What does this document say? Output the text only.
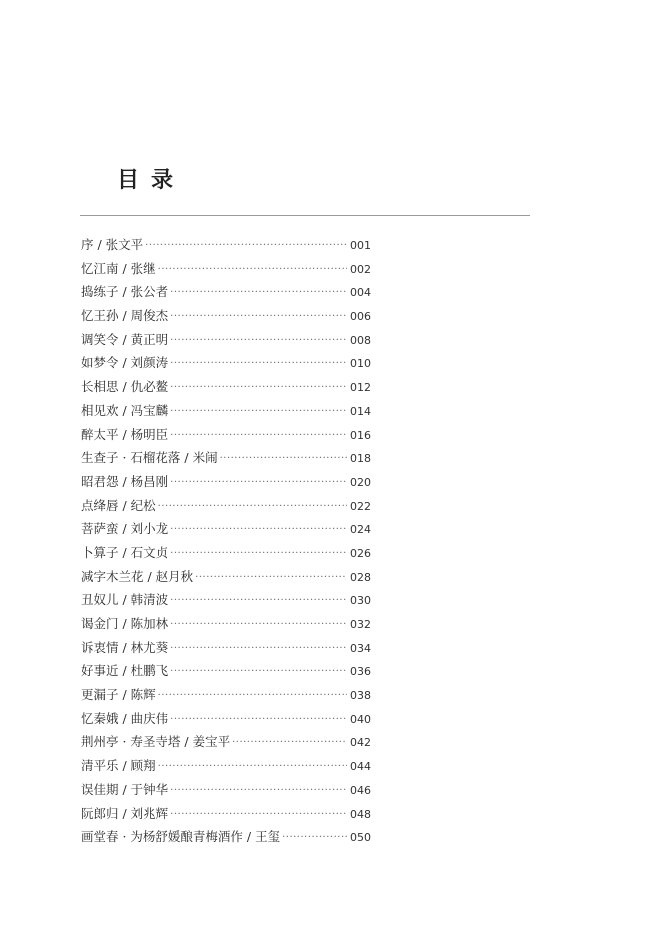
目录
序 / 张文平 ·····	001
忆江南 / 张继 ·····	002
捣练子 / 张公者 ·····	004
忆王孙 / 周俊杰 ·····	006
调笑令 / 黄正明 ·····	008
如梦令 / 刘颜涛 ·····	010
长相思 / 仇必鳌 ·····	012
相见欢 / 冯宝麟 ·····	014
醉太平 / 杨明臣 ·····	016
生查子 · 石榴花落 / 米闹 ·····	018
昭君怨 / 杨昌刚 ·····	020
点绛唇 / 纪松 ·····	022
菩萨蛮 / 刘小龙 ·····	024
卜算子 / 石文贞 ·····	026
减字木兰花 / 赵月秋 ·····	028
丑奴儿 / 韩清波 ·····	030
谒金门 / 陈加林 ·····	032
诉衷情 / 林尤葵 ·····	034
好事近 / 杜鹏飞 ·····	036
更漏子 / 陈辉 ·····	038
忆秦娥 / 曲庆伟 ·····	040
荆州亭 · 寿圣寺塔 / 姜宝平 ·····	042
清平乐 / 顾翔 ·····	044
误佳期 / 于钟华 ·····	046
阮郎归 / 刘兆辉 ·····	048
画堂春 · 为杨舒媛酿青梅酒作 / 王玺 ·····	050
